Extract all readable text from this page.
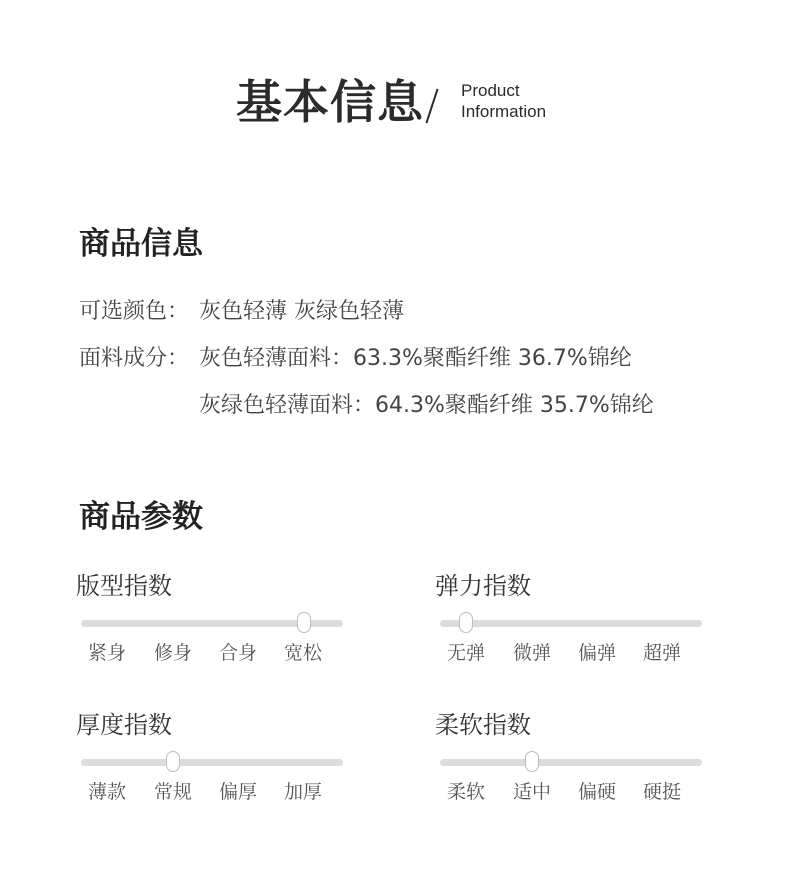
基本信息 Product
Information
商品信息
可选颜色： 灰色轻薄 灰绿色轻薄
面料成分： 灰色轻薄面料：63.3%聚酯纤维 36.7%锦纶
灰绿色轻薄面料：64.3%聚酯纤维 35.7%锦纶
商品参数
版型指数
紧身	修身	合身	宽松
弹力指数
无弹	微弹	偏弹	超弹
厚度指数
薄款	常规	偏厚	加厚
柔软指数
柔软	适中	偏硬	硬挺
